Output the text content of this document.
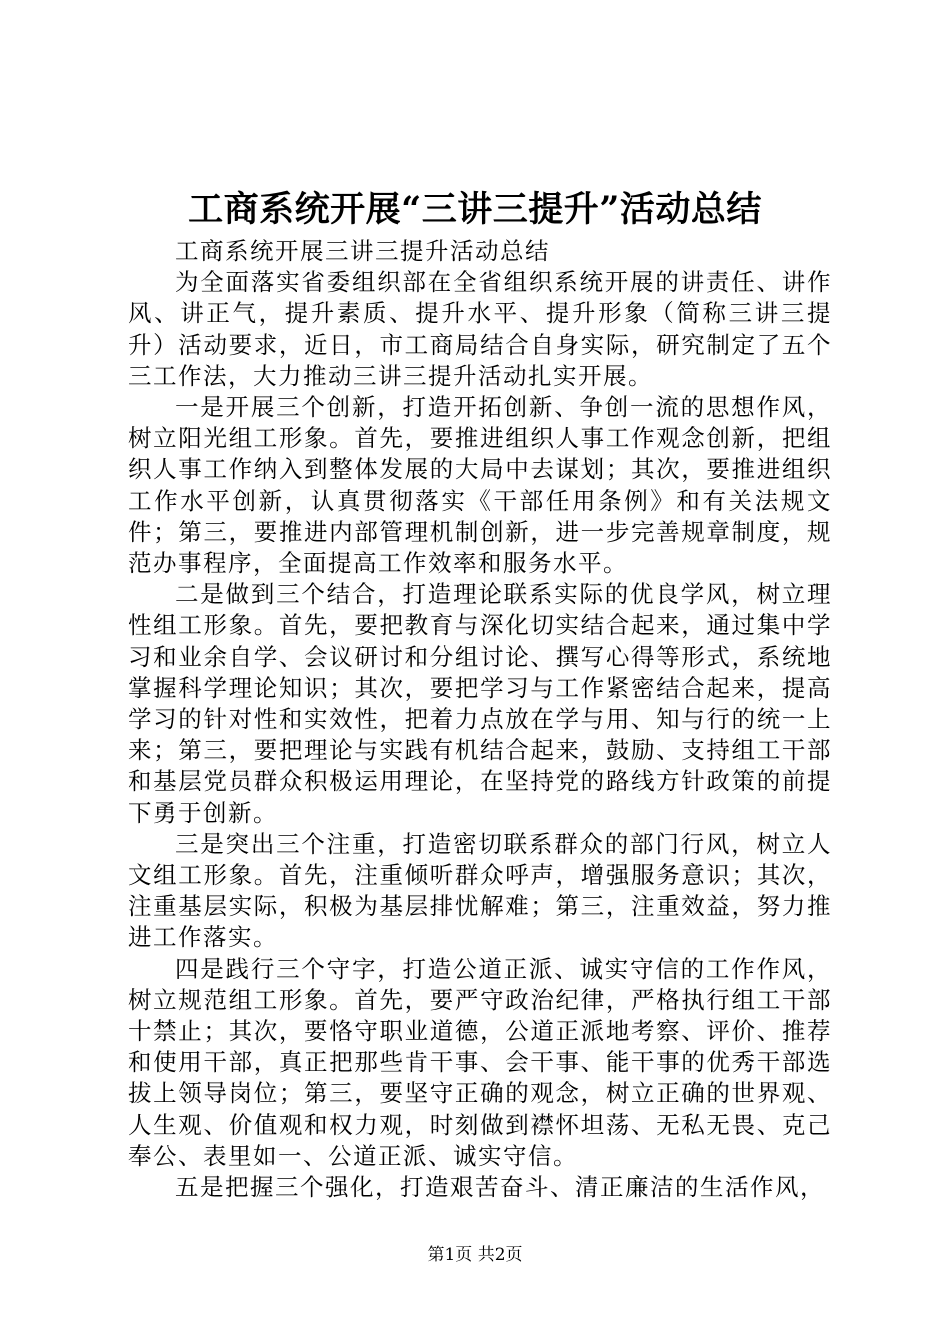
工商系统开展“三讲三提升”活动总结

工商系统开展三讲三提升活动总结

为全面落实省委组织部在全省组织系统开展的讲责任、讲作风、讲正气，提升素质、提升水平、提升形象（简称三讲三提升）活动要求，近日，市工商局结合自身实际，研究制定了五个三工作法，大力推动三讲三提升活动扎实开展。

一是开展三个创新，打造开拓创新、争创一流的思想作风，树立阳光组工形象。首先，要推进组织人事工作观念创新，把组织人事工作纳入到整体发展的大局中去谋划；其次，要推进组织工作水平创新，认真贯彻落实《干部任用条例》和有关法规文件；第三，要推进内部管理机制创新，进一步完善规章制度，规范办事程序，全面提高工作效率和服务水平。

二是做到三个结合，打造理论联系实际的优良学风，树立理性组工形象。首先，要把教育与深化切实结合起来，通过集中学习和业余自学、会议研讨和分组讨论、撰写心得等形式，系统地掌握科学理论知识；其次，要把学习与工作紧密结合起来，提高学习的针对性和实效性，把着力点放在学与用、知与行的统一上来；第三，要把理论与实践有机结合起来，鼓励、支持组工干部和基层党员群众积极运用理论，在坚持党的路线方针政策的前提下勇于创新。

三是突出三个注重，打造密切联系群众的部门行风，树立人文组工形象。首先，注重倾听群众呼声，增强服务意识；其次，注重基层实际，积极为基层排忧解难；第三，注重效益，努力推进工作落实。

四是践行三个守字，打造公道正派、诚实守信的工作作风，树立规范组工形象。首先，要严守政治纪律，严格执行组工干部十禁止；其次，要恪守职业道德，公道正派地考察、评价、推荐和使用干部，真正把那些肯干事、会干事、能干事的优秀干部选拔上领导岗位；第三，要坚守正确的观念，树立正确的世界观、人生观、价值观和权力观，时刻做到襟怀坦荡、无私无畏、克己奉公、表里如一、公道正派、诚实守信。

五是把握三个强化，打造艰苦奋斗、清正廉洁的生活作风，

第1页 共2页
